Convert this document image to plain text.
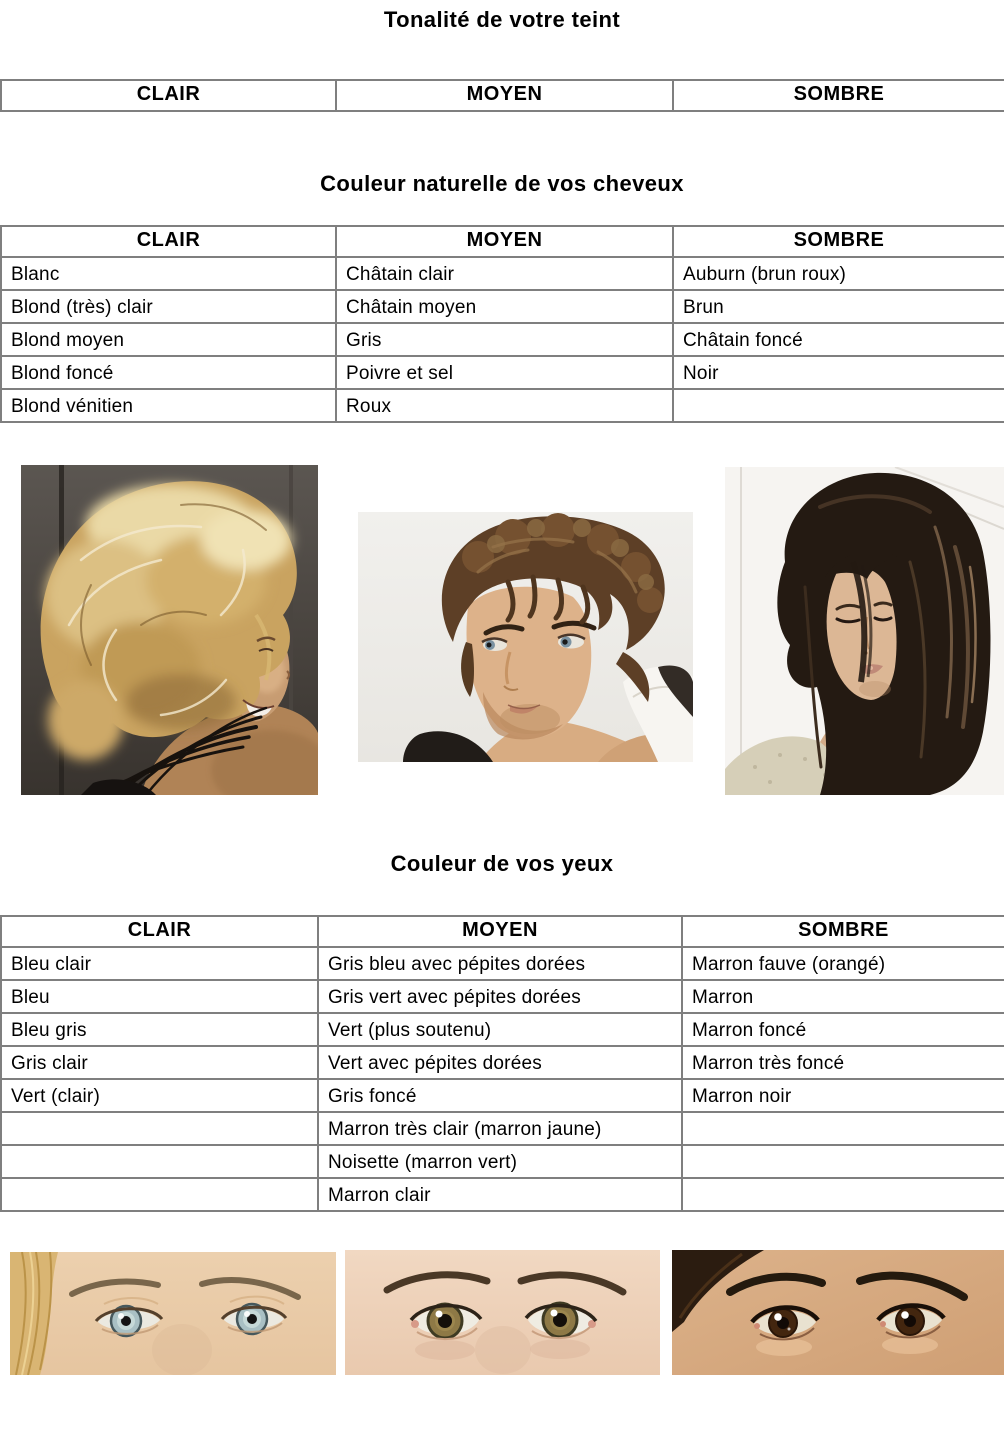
Tonalité de votre teint
CLAIR	MOYEN	SOMBRE
Couleur naturelle de vos cheveux
CLAIR	MOYEN	SOMBRE
Blanc	Châtain clair	Auburn (brun roux)
Blond (très) clair	Châtain moyen	Brun
Blond moyen	Gris	Châtain foncé
Blond foncé	Poivre et sel	Noir
Blond vénitien	Roux	
Couleur de vos yeux
CLAIR	MOYEN	SOMBRE
Bleu clair	Gris bleu avec pépites dorées	Marron fauve (orangé)
Bleu	Gris vert avec pépites dorées	Marron
Bleu gris	Vert (plus soutenu)	Marron foncé
Gris clair	Vert avec pépites dorées	Marron très foncé
Vert (clair)	Gris foncé	Marron noir
	Marron très clair (marron jaune)	
	Noisette (marron vert)	
	Marron clair	
